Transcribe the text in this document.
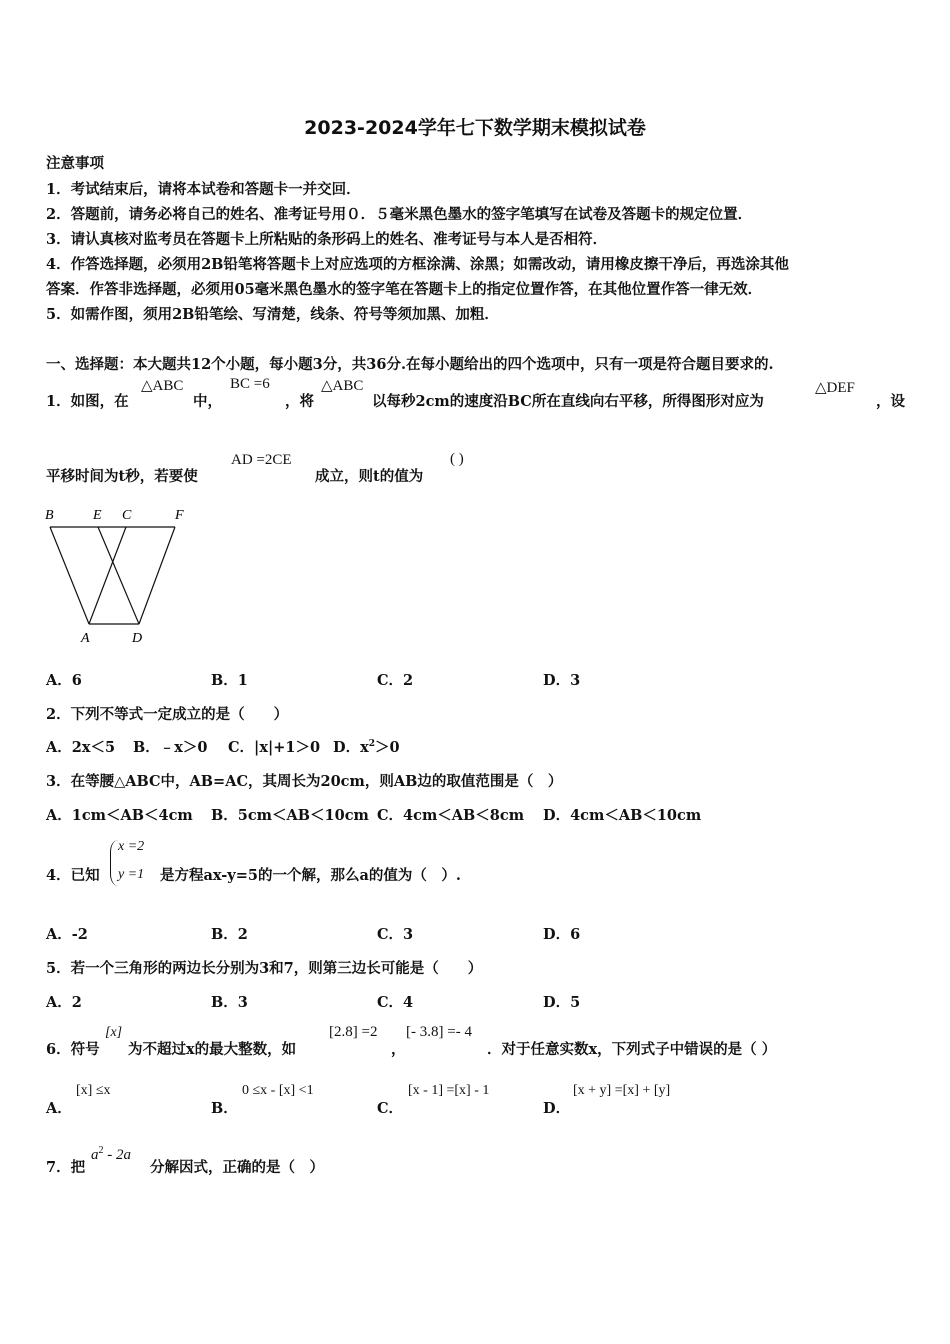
2023-2024学年七下数学期末模拟试卷
注意事项
1．考试结束后，请将本试卷和答题卡一并交回．
2．答题前，请务必将自己的姓名、准考证号用０．５毫米黑色墨水的签字笔填写在试卷及答题卡的规定位置．
3．请认真核对监考员在答题卡上所粘贴的条形码上的姓名、准考证号与本人是否相符．
4．作答选择题，必须用2B铅笔将答题卡上对应选项的方框涂满、涂黑；如需改动，请用橡皮擦干净后，再选涂其他
答案．作答非选择题，必须用05毫米黑色墨水的签字笔在答题卡上的指定位置作答，在其他位置作答一律无效．
5．如需作图，须用2B铅笔绘、写清楚，线条、符号等须加黑、加粗．
一、选择题：本大题共12个小题，每小题3分，共36分.在每小题给出的四个选项中，只有一项是符合题目要求的.
1．如图，在
△ABC
中，
BC =6
，将
△ABC
以每秒2cm的速度沿BC所在直线向右平移，所得图形对应为
△DEF
，设
平移时间为t秒，若要使
AD =2CE
成立，则t的值为
( )
B	E C	F
A	D
A．6	B．1	C．2	D．3
2．下列不等式一定成立的是（　　）
A．2x＜5 B．﹣x＞0 C．|x|+1＞0 D．$x^2>0$
3．在等腰△ABC中，AB=AC，其周长为20cm，则AB边的取值范围是（　）
A．1cm＜AB＜4cm B．5cm＜AB＜10cm C．4cm＜AB＜8cm D．4cm＜AB＜10cm
4．已知
x =2
y =1 是方程ax-y=5的一个解，那么a的值为（　）.
A．-2	B．2	C．3	D．6
5．若一个三角形的两边长分别为3和7，则第三边长可能是（　　）
A．2	B．3	C．4	D．5
6．符号
[x]
为不超过x的最大整数，如
[2.8] =2
，
[- 3.8] =- 4
．对于任意实数x，下列式子中错误的是（ ）
A．
[x] ≤x
B．
0 ≤x - [x] <1
C．
[x - 1] =[x] - 1
D．
[x + y] =[x] + [y]
7．把
$a^2 - 2a$
分解因式，正确的是（　）
